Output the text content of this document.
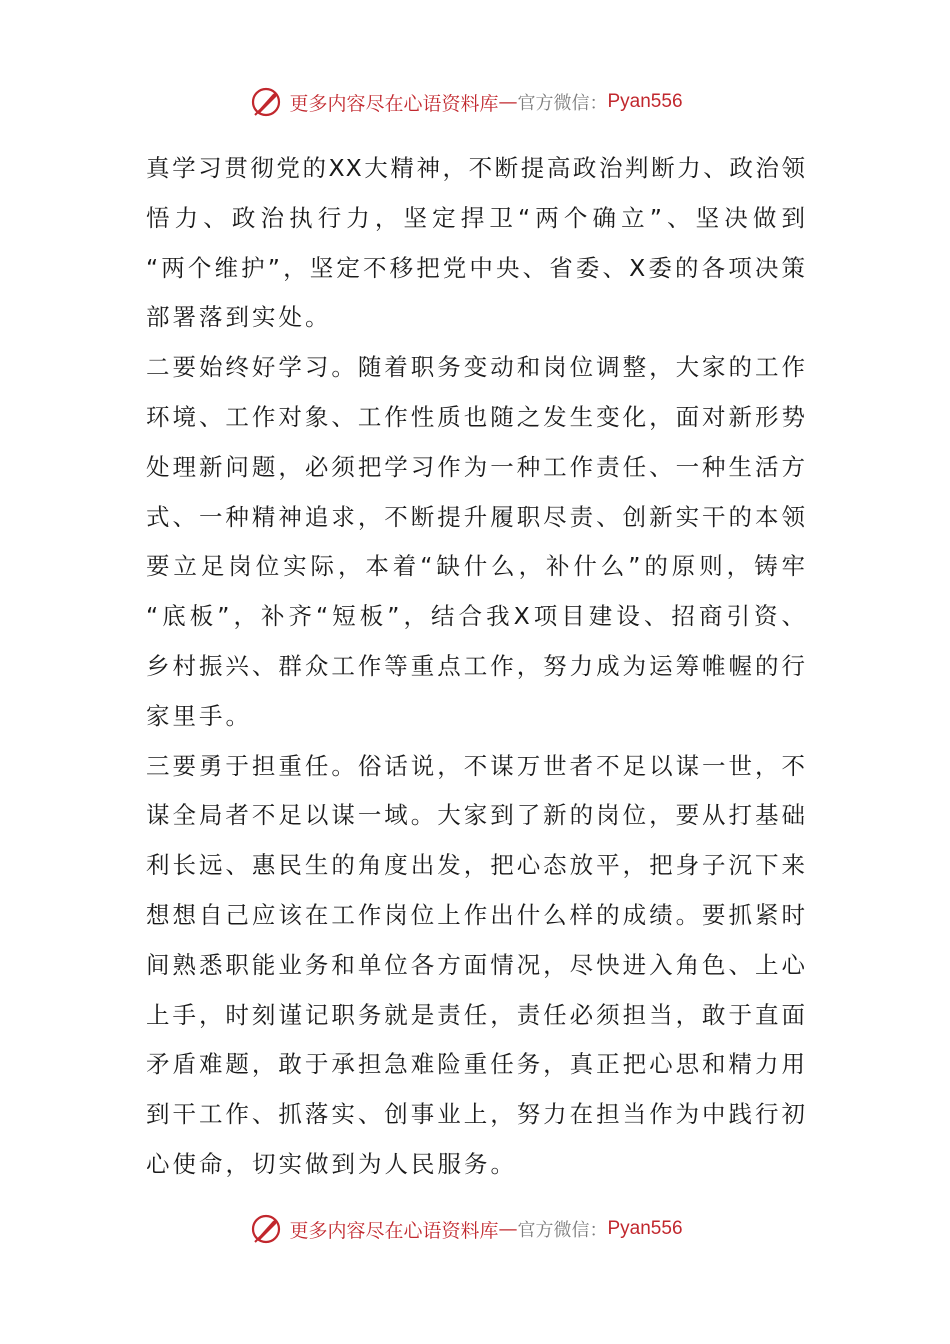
更多内容尽在心语资料库 — 官方微信： Pyan556
真学习贯彻党的XX大精神，不断提高政治判断力、政治领
悟力、政治执行力，坚定捍卫“两个确立”、坚决做到
“两个维护”，坚定不移把党中央、省委、X委的各项决策
部署落到实处。
二要始终好学习。随着职务变动和岗位调整，大家的工作
环境、工作对象、工作性质也随之发生变化，面对新形势
处理新问题，必须把学习作为一种工作责任、一种生活方
式、一种精神追求，不断提升履职尽责、创新实干的本领
要立足岗位实际，本着“缺什么，补什么”的原则，铸牢
“底板”，补齐“短板”，结合我X项目建设、招商引资、
乡村振兴、群众工作等重点工作，努力成为运筹帷幄的行
家里手。
三要勇于担重任。俗话说，不谋万世者不足以谋一世，不
谋全局者不足以谋一域。大家到了新的岗位，要从打基础
利长远、惠民生的角度出发，把心态放平，把身子沉下来
想想自己应该在工作岗位上作出什么样的成绩。要抓紧时
间熟悉职能业务和单位各方面情况，尽快进入角色、上心
上手，时刻谨记职务就是责任，责任必须担当，敢于直面
矛盾难题，敢于承担急难险重任务，真正把心思和精力用
到干工作、抓落实、创事业上，努力在担当作为中践行初
心使命，切实做到为人民服务。
更多内容尽在心语资料库 — 官方微信： Pyan556
